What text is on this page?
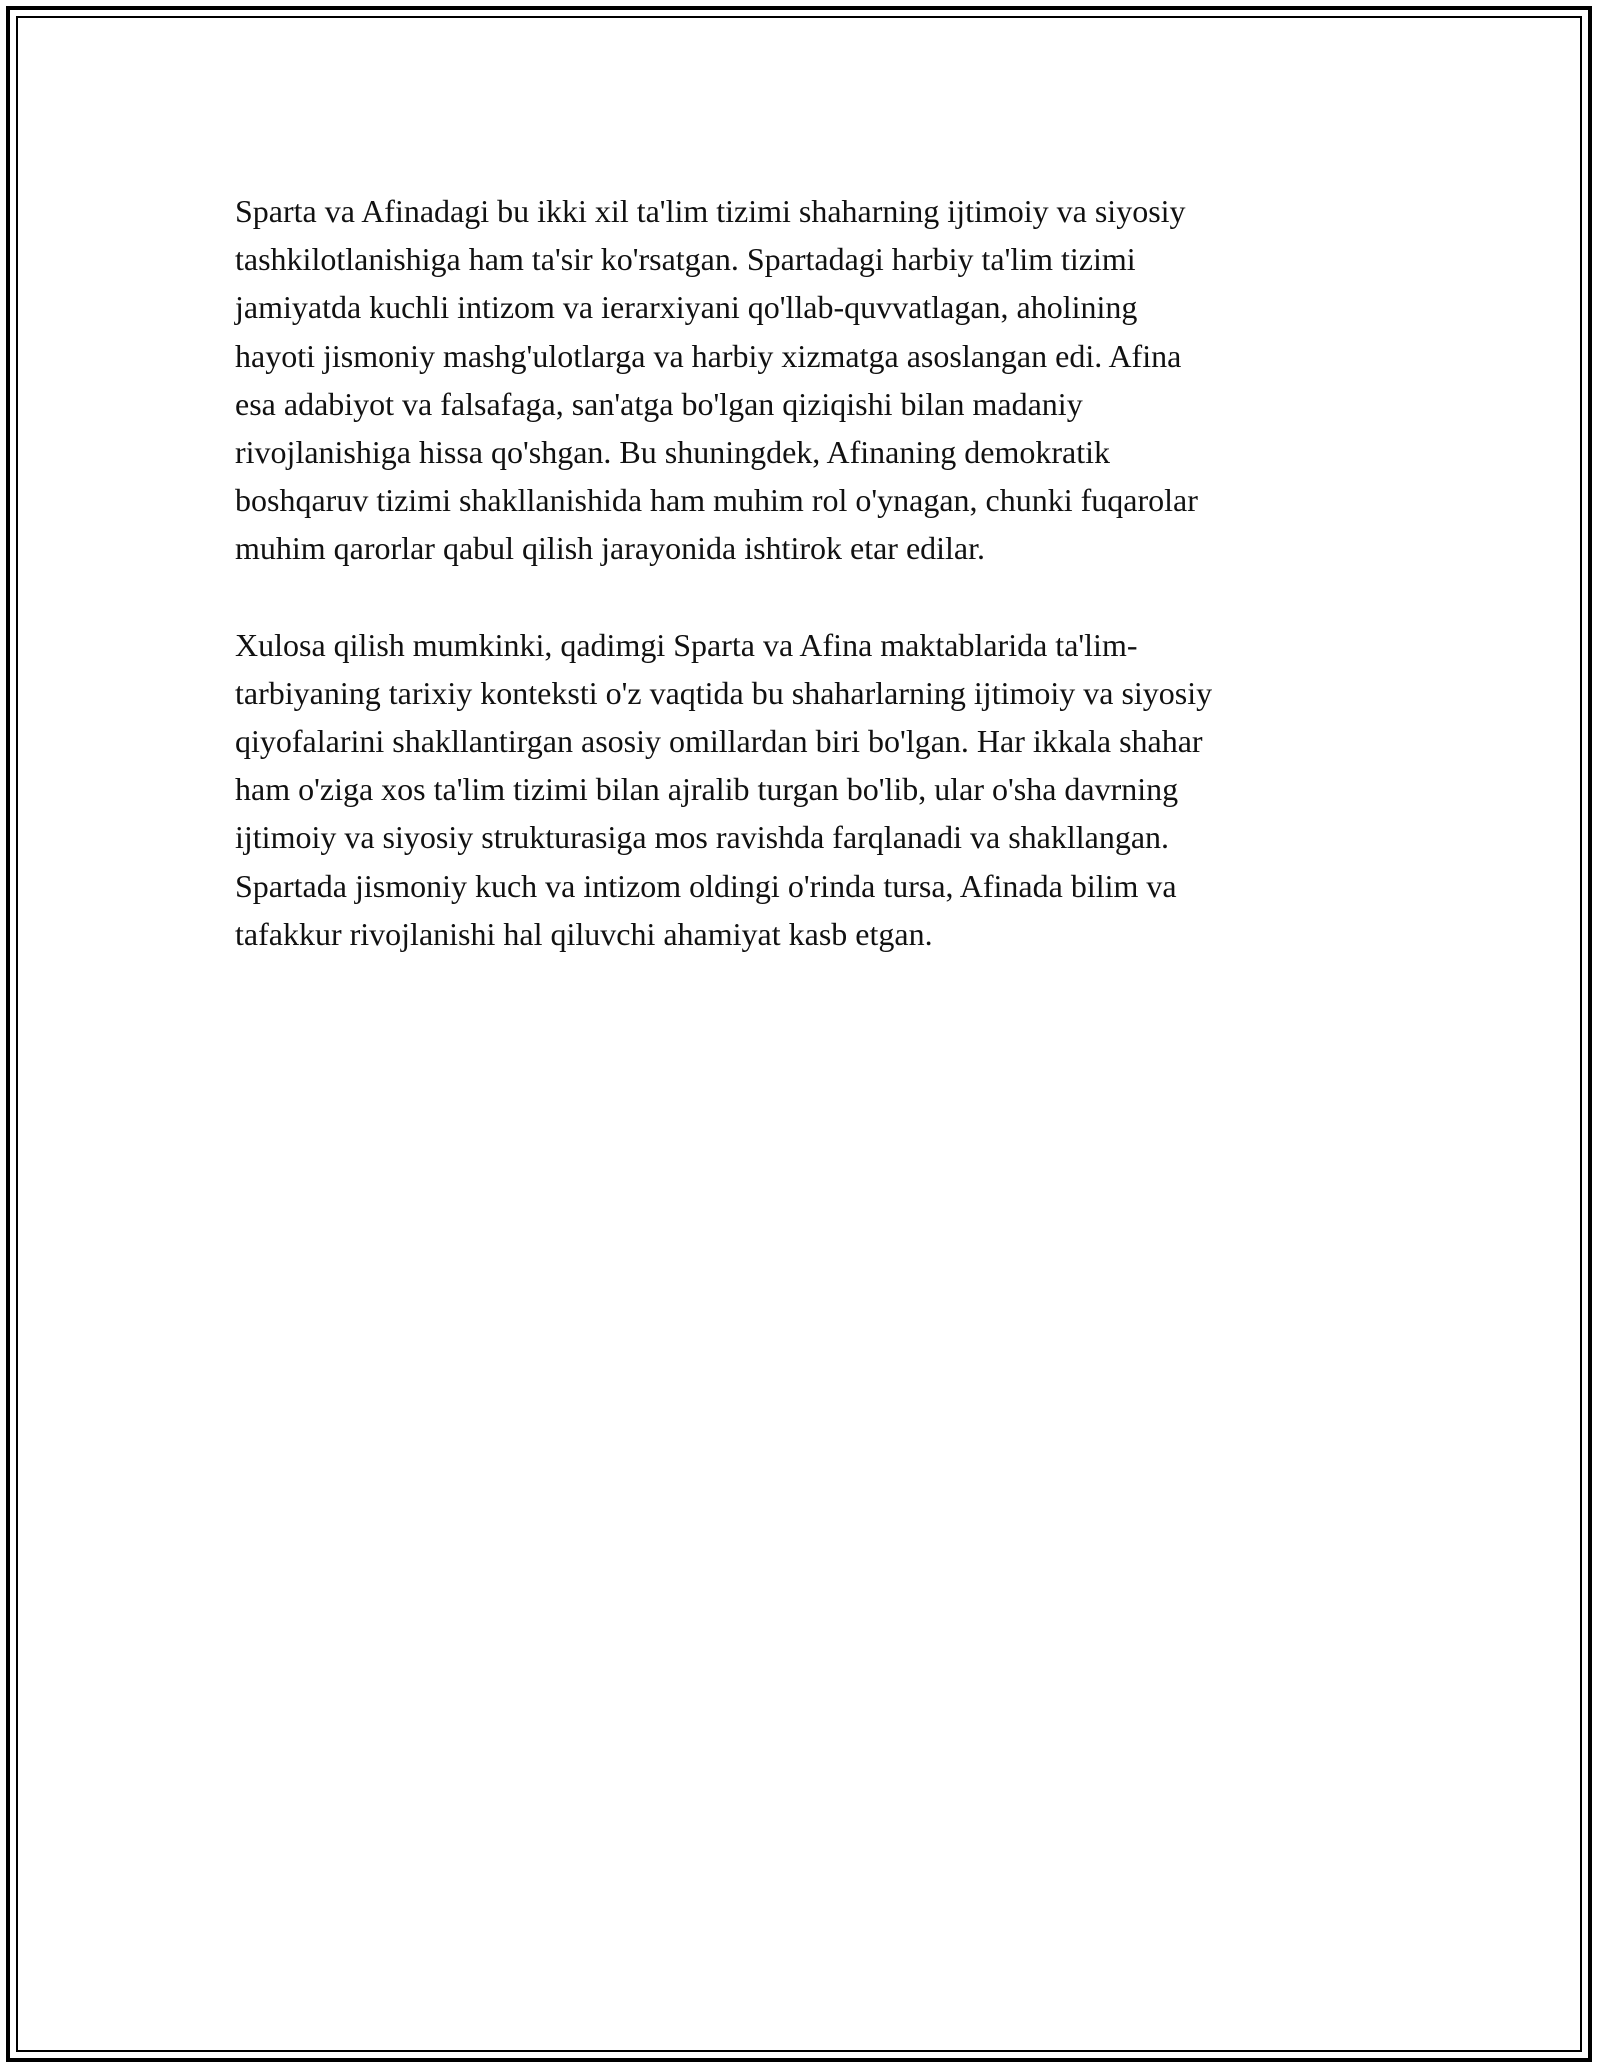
Sparta va Afinadagi bu ikki xil ta'lim tizimi shaharning ijtimoiy va siyosiy
tashkilotlanishiga ham ta'sir ko'rsatgan. Spartadagi harbiy ta'lim tizimi
jamiyatda kuchli intizom va ierarxiyani qo'llab-quvvatlagan, aholining
hayoti jismoniy mashg'ulotlarga va harbiy xizmatga asoslangan edi. Afina
esa adabiyot va falsafaga, san'atga bo'lgan qiziqishi bilan madaniy
rivojlanishiga hissa qo'shgan. Bu shuningdek, Afinaning demokratik
boshqaruv tizimi shakllanishida ham muhim rol o'ynagan, chunki fuqarolar
muhim qarorlar qabul qilish jarayonida ishtirok etar edilar.

Xulosa qilish mumkinki, qadimgi Sparta va Afina maktablarida ta'lim-
tarbiyaning tarixiy konteksti o'z vaqtida bu shaharlarning ijtimoiy va siyosiy
qiyofalarini shakllantirgan asosiy omillardan biri bo'lgan. Har ikkala shahar
ham o'ziga xos ta'lim tizimi bilan ajralib turgan bo'lib, ular o'sha davrning
ijtimoiy va siyosiy strukturasiga mos ravishda farqlanadi va shakllangan.
Spartada jismoniy kuch va intizom oldingi o'rinda tursa, Afinada bilim va
tafakkur rivojlanishi hal qiluvchi ahamiyat kasb etgan.
